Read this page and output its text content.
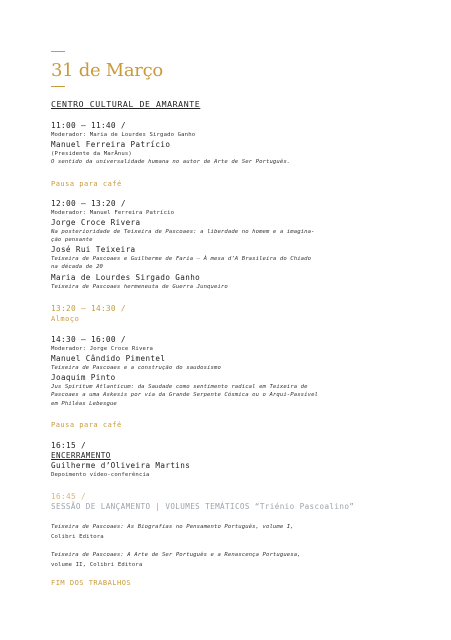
31 de Março
CENTRO CULTURAL DE AMARANTE
11:00 – 11:40 /
Moderador: Maria de Lourdes Sirgado Ganho
Manuel Ferreira Patrício
(Presidente da MarÂnus)
O sentido da universalidade humana no autor de Arte de Ser Português.
Pausa para café
12:00 – 13:20 /
Moderador: Manuel Ferreira Patrício
Jorge Croce Rivera
Na posterioridade de Teixeira de Pascoaes: a liberdade no homem e a imagina-
ção pensante
José Rui Teixeira
Teixeira de Pascoaes e Guilherme de Faria – À mesa d’A Brasileira do Chiado
na década de 20
Maria de Lourdes Sirgado Ganho
Teixeira de Pascoaes hermeneuta de Guerra Junqueiro
13:20 – 14:30 /
Almoço
14:30 – 16:00 /
Moderador: Jorge Croce Rivera
Manuel Cândido Pimentel
Teixeira de Pascoaes e a construção do saudosismo
Joaquim Pinto
Jus Spiritum Atlanticum: da Saudade como sentimento radical em Teixeira de
Pascoaes a uma Askesis por via da Grande Serpente Cósmica ou o Arqui-Passível
em Philéas Lebesgue
Pausa para café
16:15 /
ENCERRAMENTO
Guilherme d’Oliveira Martins
Depoimento vídeo-conferência
16:45 /
SESSÃO DE LANÇAMENTO | VOLUMES TEMÁTICOS “Triénio Pascoalino”
Teixeira de Pascoaes: As Biografias no Pensamento Português, volume I,
Colibri Editora
Teixeira de Pascoaes: A Arte de Ser Português e a Renascença Portuguesa,
volume II, Colibri Editora
FIM DOS TRABALHOS
